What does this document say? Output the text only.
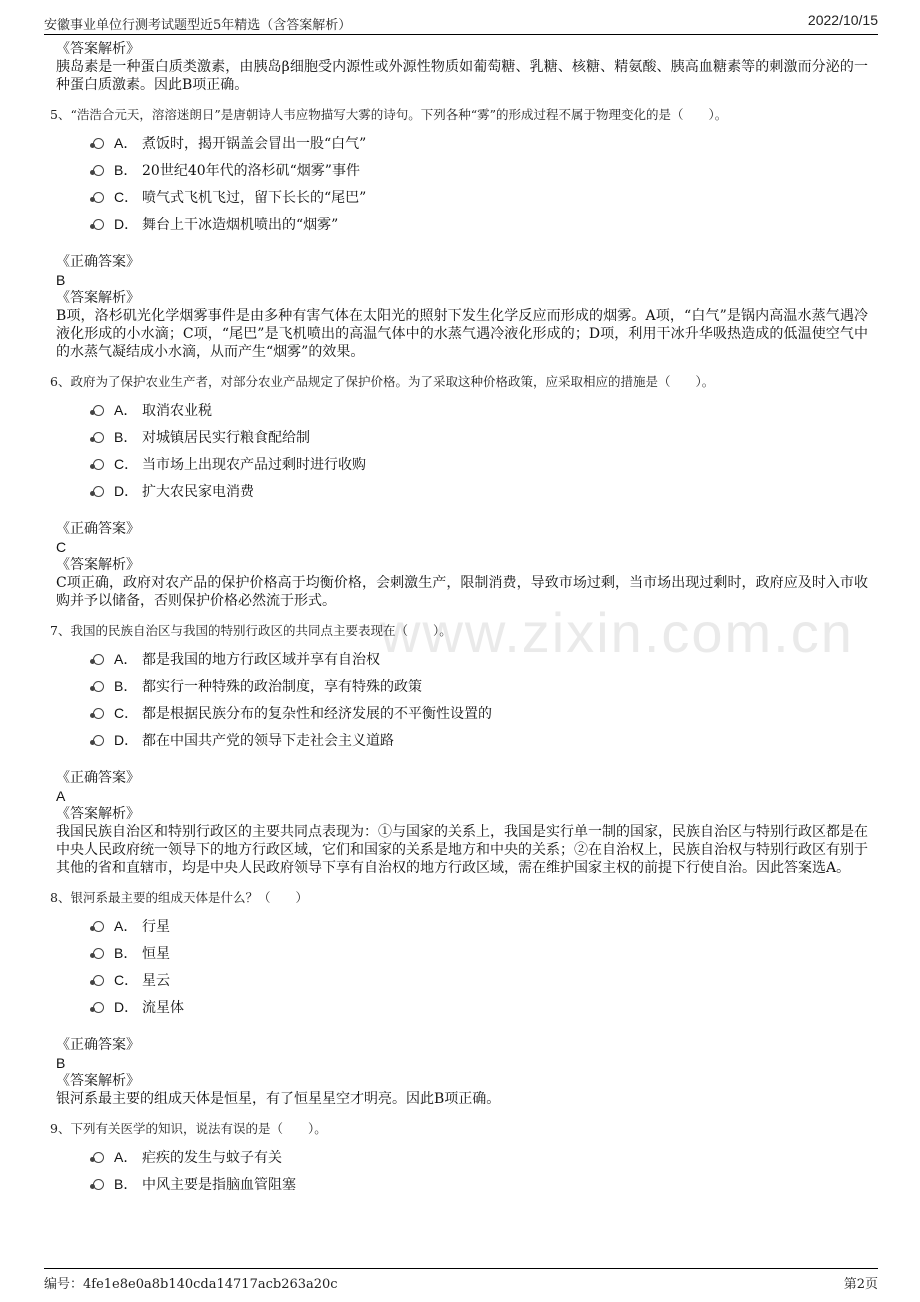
安徽事业单位行测考试题型近5年精选（含答案解析）	2022/10/15
www.zixin.com.cn
《答案解析》
胰岛素是一种蛋白质类激素，由胰岛β细胞受内源性或外源性物质如葡萄糖、乳糖、核糖、精氨酸、胰高血糖素等的刺激而分泌的一种蛋白质激素。因此B项正确。
5、“浩浩合元天，溶溶迷朗日”是唐朝诗人韦应物描写大雾的诗句。下列各种“雾”的形成过程不属于物理变化的是（　　）。
A． 煮饭时，揭开锅盖会冒出一股“白气”
B． 20世纪40年代的洛杉矶“烟雾”事件
C． 喷气式飞机飞过，留下长长的“尾巴”
D． 舞台上干冰造烟机喷出的“烟雾”
《正确答案》
B
《答案解析》
B项，洛杉矶光化学烟雾事件是由多种有害气体在太阳光的照射下发生化学反应而形成的烟雾。A项，“白气”是锅内高温水蒸气遇冷液化形成的小水滴；C项，“尾巴”是飞机喷出的高温气体中的水蒸气遇冷液化形成的；D项，利用干冰升华吸热造成的低温使空气中的水蒸气凝结成小水滴，从而产生“烟雾”的效果。
6、政府为了保护农业生产者，对部分农业产品规定了保护价格。为了采取这种价格政策，应采取相应的措施是（　　）。
A． 取消农业税
B． 对城镇居民实行粮食配给制
C． 当市场上出现农产品过剩时进行收购
D． 扩大农民家电消费
《正确答案》
C
《答案解析》
C项正确，政府对农产品的保护价格高于均衡价格，会刺激生产，限制消费，导致市场过剩，当市场出现过剩时，政府应及时入市收购并予以储备，否则保护价格必然流于形式。
7、我国的民族自治区与我国的特别行政区的共同点主要表现在（　　）。
A． 都是我国的地方行政区域并享有自治权
B． 都实行一种特殊的政治制度，享有特殊的政策
C． 都是根据民族分布的复杂性和经济发展的不平衡性设置的
D． 都在中国共产党的领导下走社会主义道路
《正确答案》
A
《答案解析》
我国民族自治区和特别行政区的主要共同点表现为：①与国家的关系上，我国是实行单一制的国家，民族自治区与特别行政区都是在中央人民政府统一领导下的地方行政区域，它们和国家的关系是地方和中央的关系；②在自治权上，民族自治权与特别行政区有别于其他的省和直辖市，均是中央人民政府领导下享有自治权的地方行政区域，需在维护国家主权的前提下行使自治。因此答案选A。
8、银河系最主要的组成天体是什么？（　　）
A． 行星
B． 恒星
C． 星云
D． 流星体
《正确答案》
B
《答案解析》
银河系最主要的组成天体是恒星，有了恒星星空才明亮。因此B项正确。
9、下列有关医学的知识，说法有误的是（　　）。
A． 疟疾的发生与蚊子有关
B． 中风主要是指脑血管阻塞
编号：4fe1e8e0a8b140cda14717acb263a20c	第2页
